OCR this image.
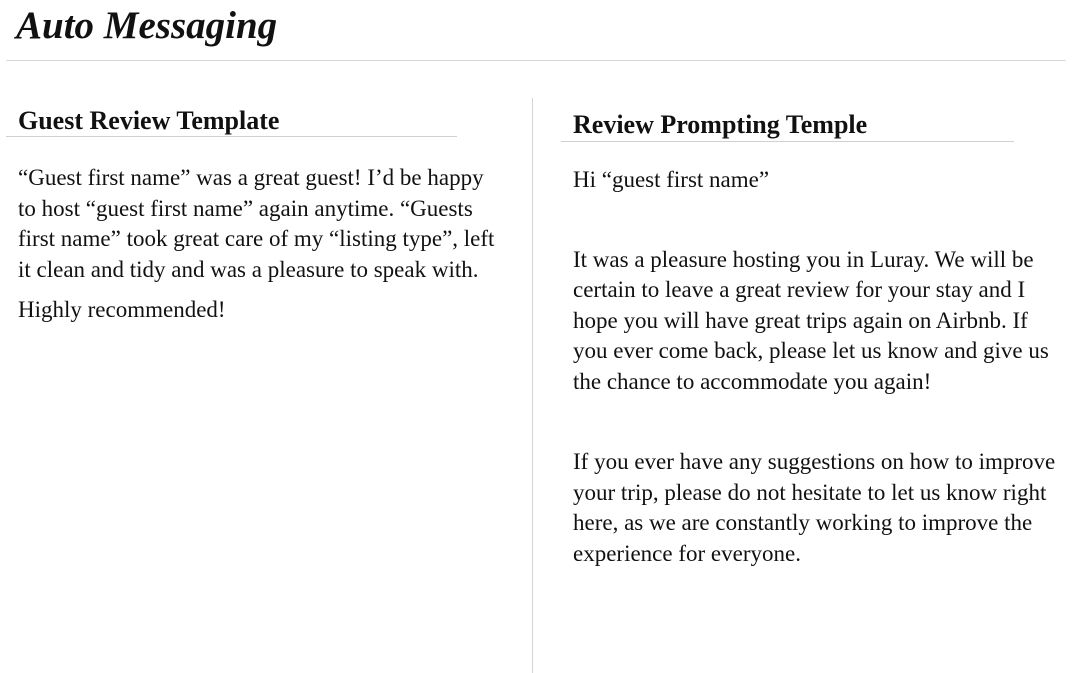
Auto Messaging
Guest Review Template

“Guest first name” was a great guest! I’d be happy to host “guest first name” again anytime. “Guests first name” took great care of my “listing type”, left it clean and tidy and was a pleasure to speak with.

Highly recommended!

Review Prompting Temple

Hi “guest first name”

It was a pleasure hosting you in Luray. We will be certain to leave a great review for your stay and I hope you will have great trips again on Airbnb. If you ever come back, please let us know and give us the chance to accommodate you again!

If you ever have any suggestions on how to improve your trip, please do not hesitate to let us know right here, as we are constantly working to improve the experience for everyone.
